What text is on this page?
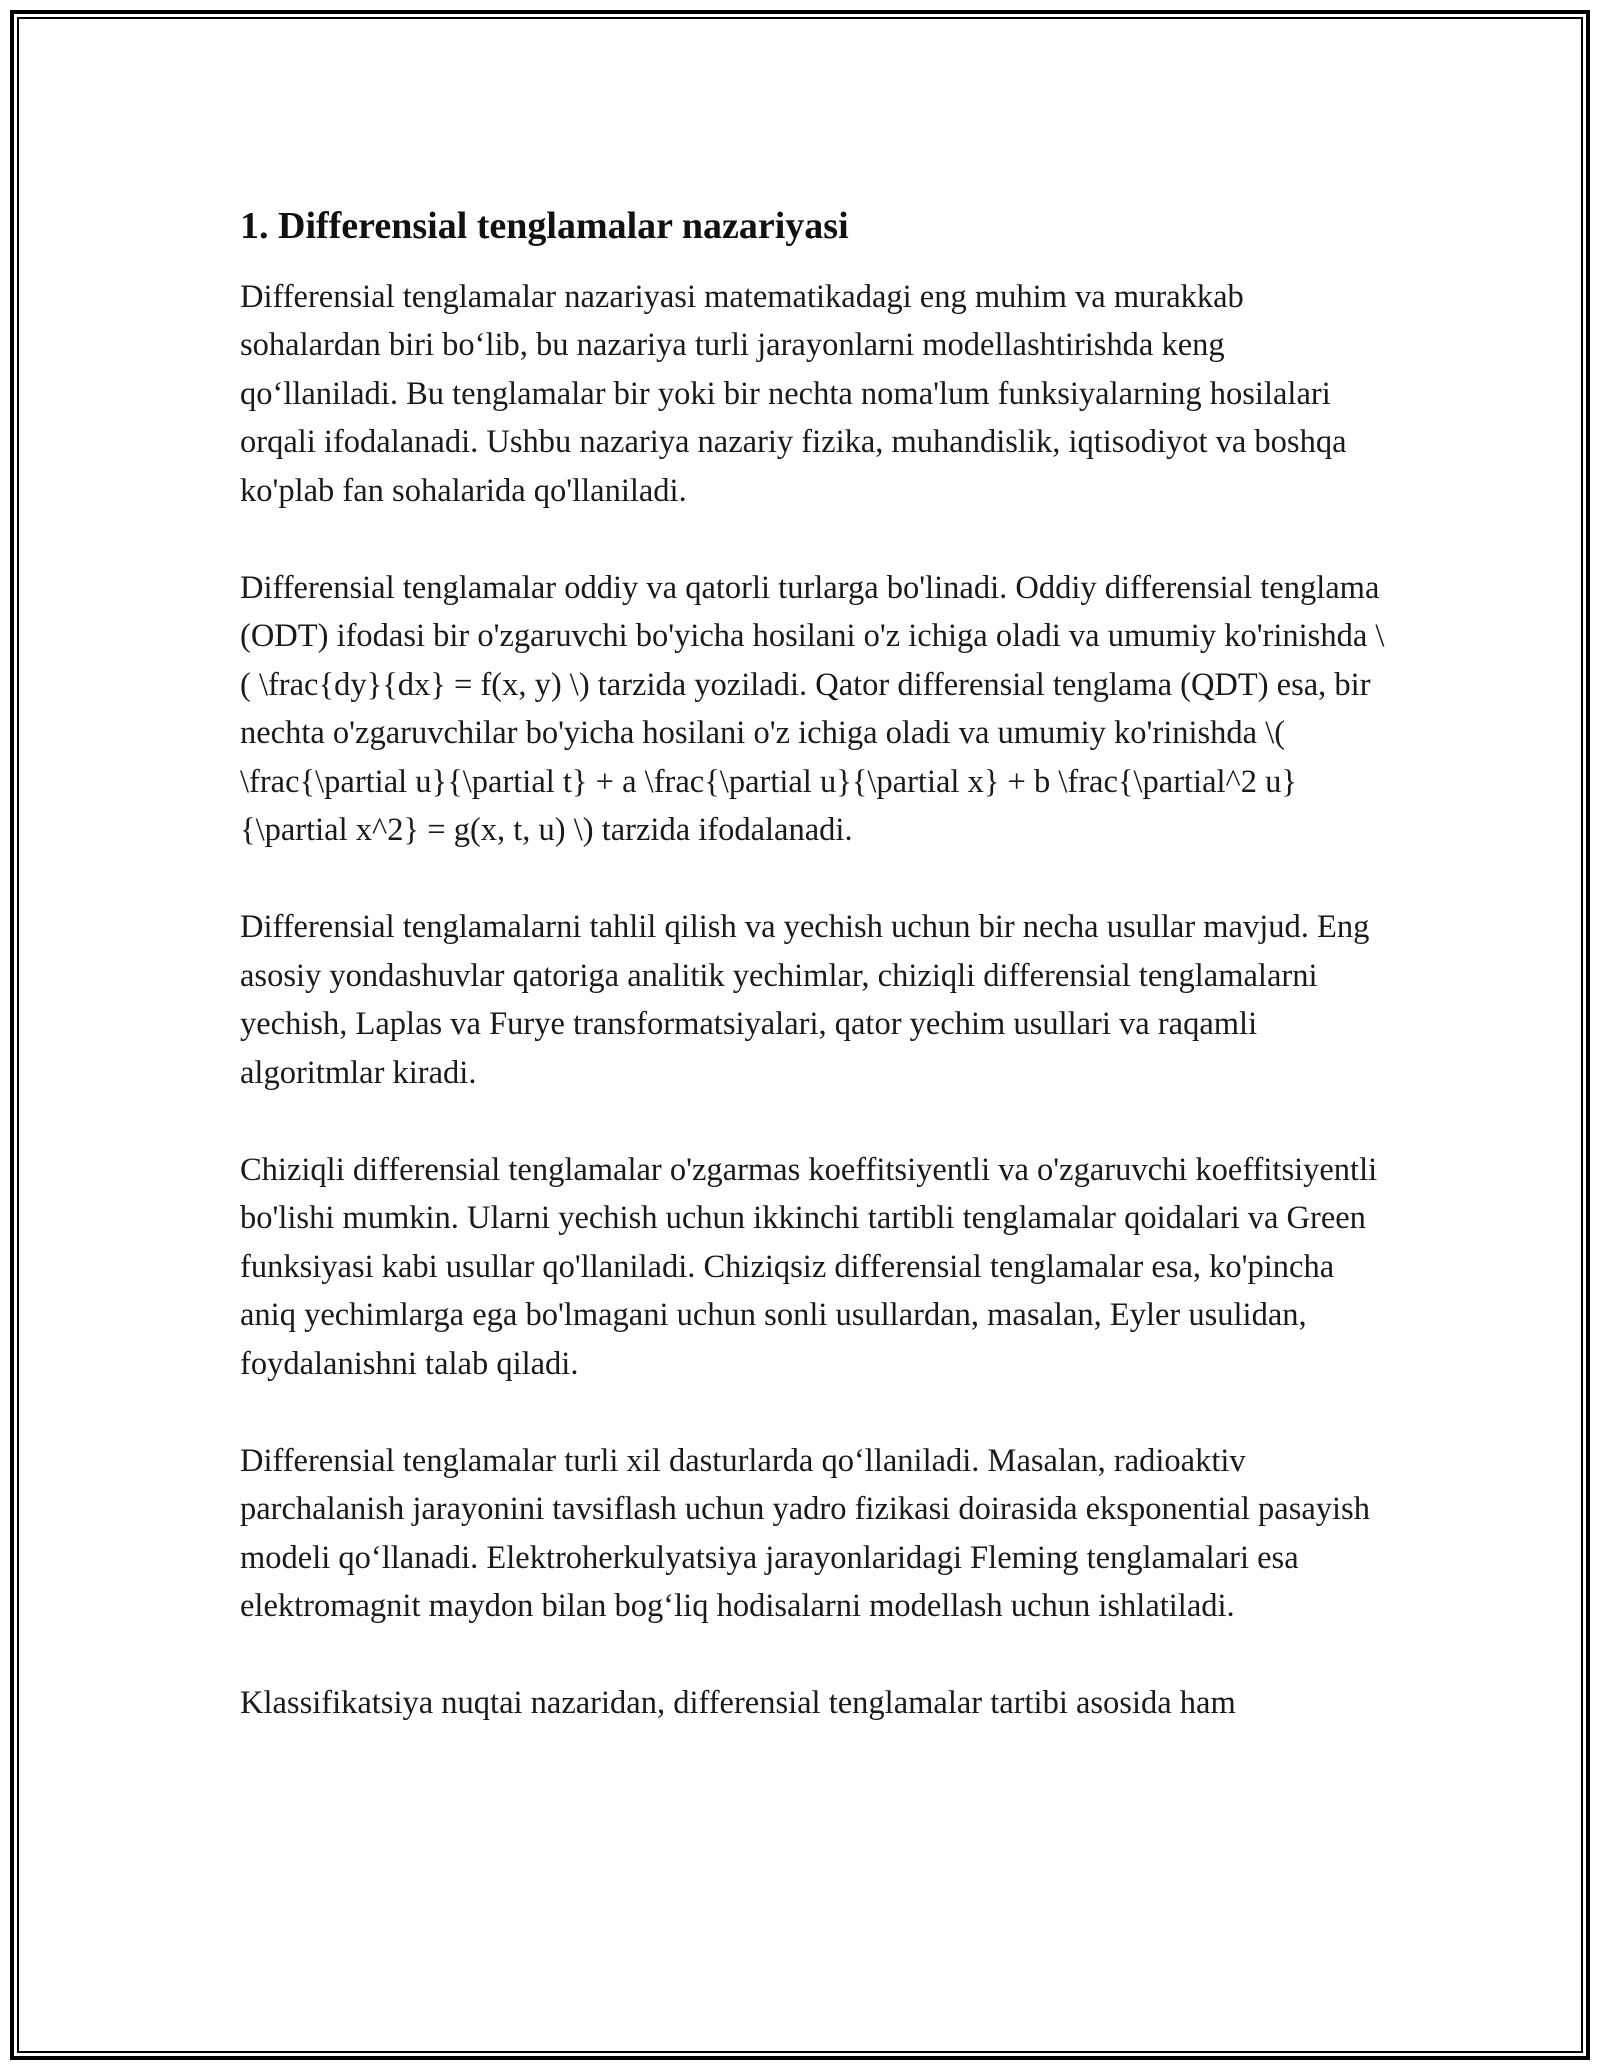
1. Differensial tenglamalar nazariyasi

Differensial tenglamalar nazariyasi matematikadagi eng muhim va murakkab sohalardan biri bo‘lib, bu nazariya turli jarayonlarni modellashtirishda keng qo‘llaniladi. Bu tenglamalar bir yoki bir nechta noma'lum funksiyalarning hosilalari orqali ifodalanadi. Ushbu nazariya nazariy fizika, muhandislik, iqtisodiyot va boshqa ko'plab fan sohalarida qo'llaniladi.

Differensial tenglamalar oddiy va qatorli turlarga bo'linadi. Oddiy differensial tenglama (ODT) ifodasi bir o'zgaruvchi bo'yicha hosilani o'z ichiga oladi va umumiy ko'rinishda \( \frac{dy}{dx} = f(x, y) \) tarzida yoziladi. Qator differensial tenglama (QDT) esa, bir nechta o'zgaruvchilar bo'yicha hosilani o'z ichiga oladi va umumiy ko'rinishda \( \frac{\partial u}{\partial t} + a \frac{\partial u}{\partial x} + b \frac{\partial^2 u}{\partial x^2} = g(x, t, u) \) tarzida ifodalanadi.

Differensial tenglamalarni tahlil qilish va yechish uchun bir necha usullar mavjud. Eng asosiy yondashuvlar qatoriga analitik yechimlar, chiziqli differensial tenglamalarni yechish, Laplas va Furye transformatsiyalari, qator yechim usullari va raqamli algoritmlar kiradi.

Chiziqli differensial tenglamalar o'zgarmas koeffitsiyentli va o'zgaruvchi koeffitsiyentli bo'lishi mumkin. Ularni yechish uchun ikkinchi tartibli tenglamalar qoidalari va Green funksiyasi kabi usullar qo'llaniladi. Chiziqsiz differensial tenglamalar esa, ko'pincha aniq yechimlarga ega bo'lmagani uchun sonli usullardan, masalan, Eyler usulidan, foydalanishni talab qiladi.

Differensial tenglamalar turli xil dasturlarda qo‘llaniladi. Masalan, radioaktiv parchalanish jarayonini tavsiflash uchun yadro fizikasi doirasida eksponential pasayish modeli qo‘llanadi. Elektroherkulyatsiya jarayonlaridagi Fleming tenglamalari esa elektromagnit maydon bilan bog‘liq hodisalarni modellash uchun ishlatiladi.

Klassifikatsiya nuqtai nazaridan, differensial tenglamalar tartibi asosida ham
